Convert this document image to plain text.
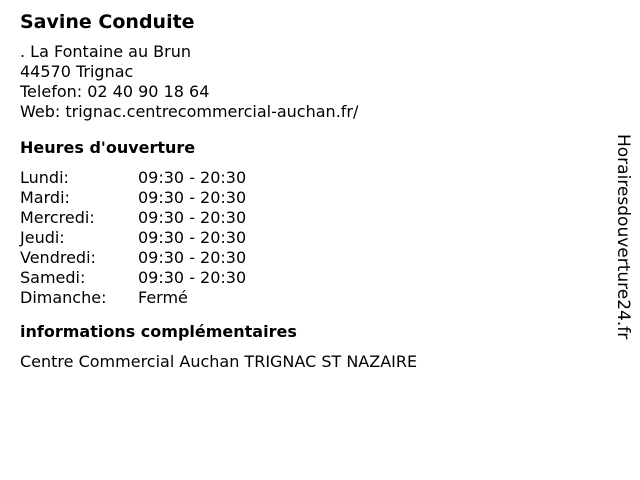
Savine Conduite
. La Fontaine au Brun
44570 Trignac
Telefon: 02 40 90 18 64
Web: trignac.centrecommercial-auchan.fr/
Heures d'ouverture
Lundi:	09:30 - 20:30
Mardi:	09:30 - 20:30
Mercredi:	09:30 - 20:30
Jeudi:	09:30 - 20:30
Vendredi:	09:30 - 20:30
Samedi:	09:30 - 20:30
Dimanche:	Fermé
informations complémentaires
Centre Commercial Auchan TRIGNAC ST NAZAIRE
Horairesdouverture24.fr
